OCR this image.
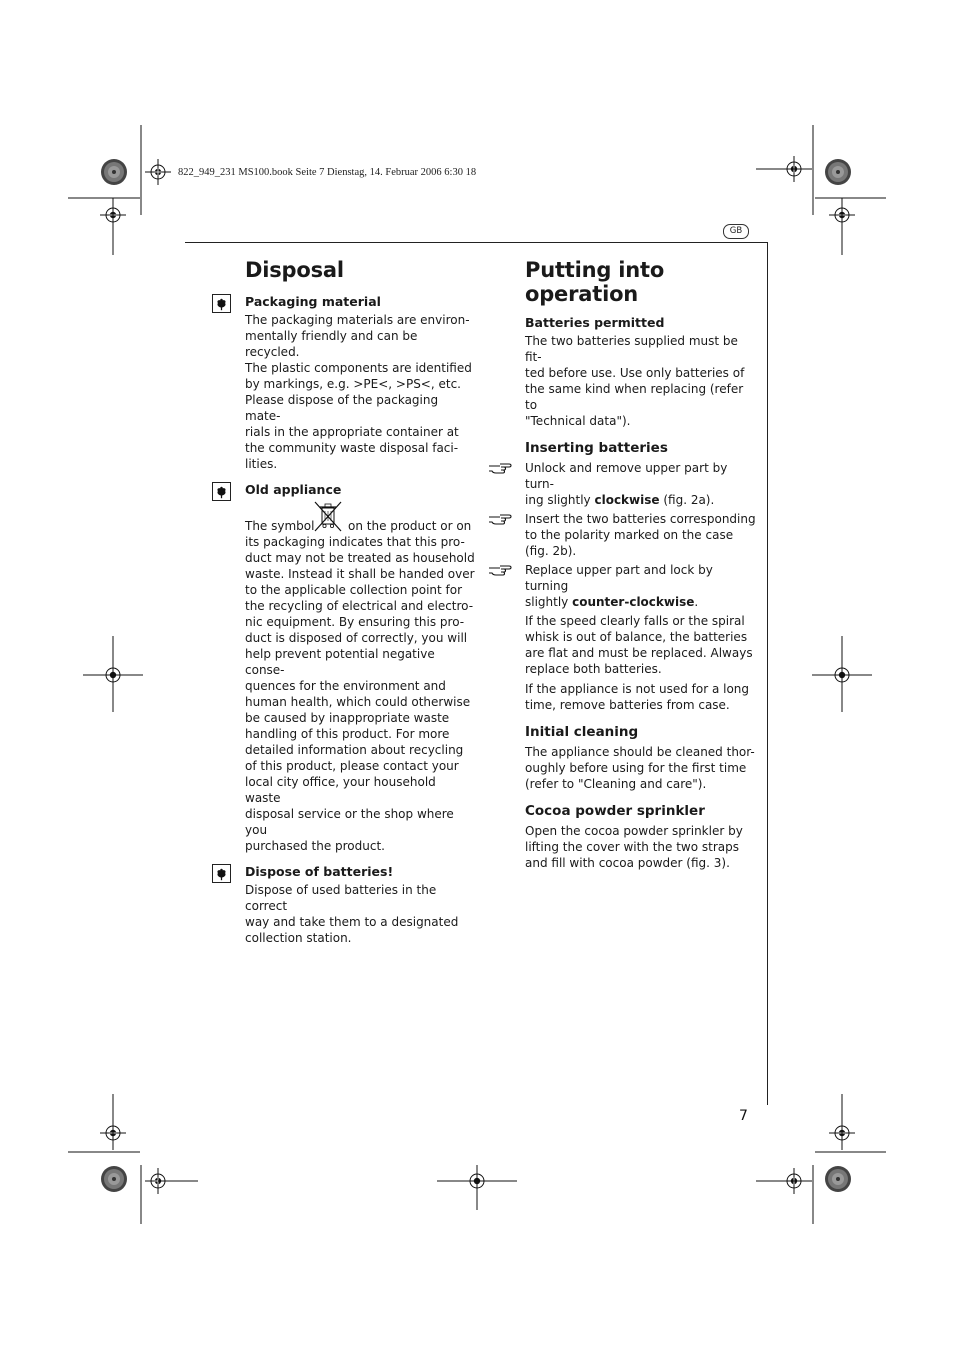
822_949_231 MS100.book Seite 7 Dienstag, 14. Februar 2006 6:30 18
GB
7
Disposal
Packaging material

The packaging materials are environ-

mentally friendly and can be recycled.

The plastic components are identified

by markings, e.g. >PE<, >PS<, etc.

Please dispose of the packaging mate-

rials in the appropriate container at

the community waste disposal faci-

lities.

Old appliance
The symbol	on the product or on

its packaging indicates that this pro-

duct may not be treated as household

waste. Instead it shall be handed over

to the applicable collection point for

the recycling of electrical and electro-

nic equipment. By ensuring this pro-

duct is disposed of correctly, you will

help prevent potential negative conse-

quences for the environment and

human health, which could otherwise

be caused by inappropriate waste

handling of this product. For more

detailed information about recycling

of this product, please contact your

local city office, your household waste

disposal service or the shop where you

purchased the product.

Dispose of batteries!

Dispose of used batteries in the correct

way and take them to a designated

collection station.

Putting into operation
Batteries permitted

The two batteries supplied must be fit-

ted before use. Use only batteries of

the same kind when replacing (refer to

"Technical data").

Inserting batteries

Unlock and remove upper part by turn-

ing slightly clockwise (fig. 2a).

Insert the two batteries corresponding

to the polarity marked on the case

(fig. 2b).

Replace upper part and lock by turning

slightly counter-clockwise.

If the speed clearly falls or the spiral

whisk is out of balance, the batteries

are flat and must be replaced. Always

replace both batteries.

If the appliance is not used for a long

time, remove batteries from case.

Initial cleaning

The appliance should be cleaned thor-

oughly before using for the first time

(refer to "Cleaning and care").

Cocoa powder sprinkler

Open the cocoa powder sprinkler by

lifting the cover with the two straps

and fill with cocoa powder (fig. 3).
